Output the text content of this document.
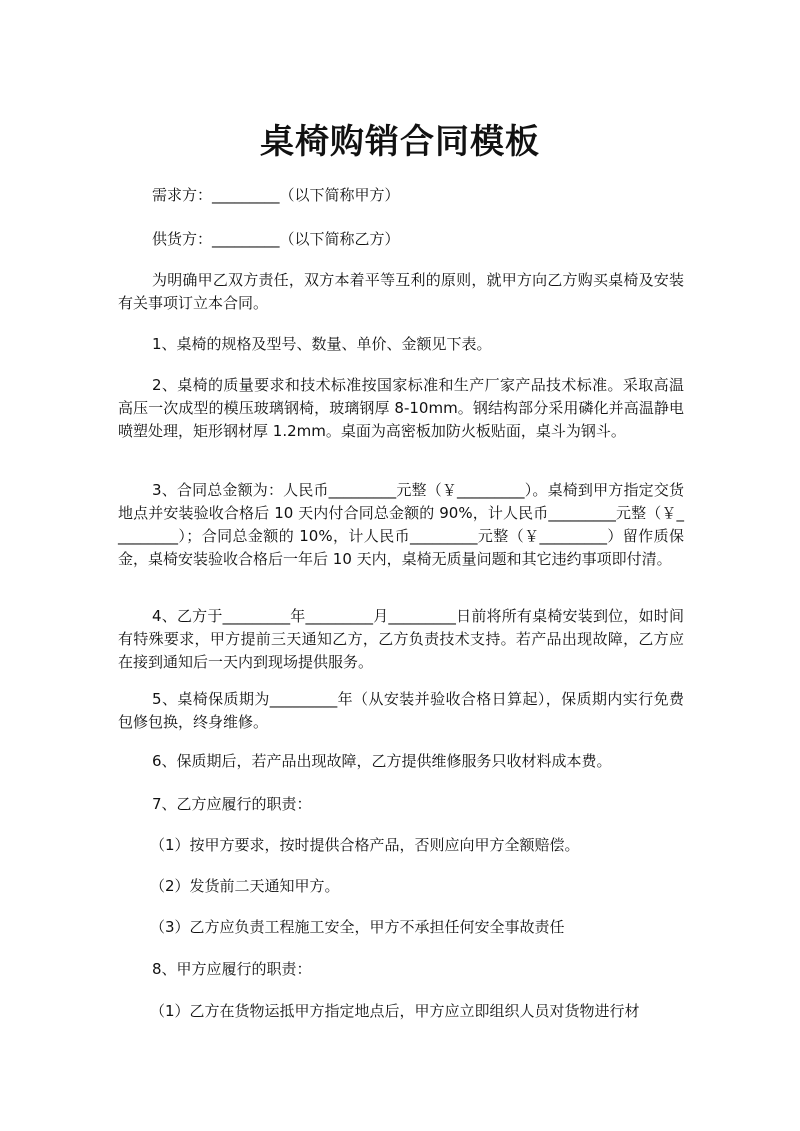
桌椅购销合同模板

需求方：_________（以下简称甲方）

供货方：_________（以下简称乙方）

为明确甲乙双方责任，双方本着平等互利的原则，就甲方向乙方购买桌椅及安装有关事项订立本合同。

1、桌椅的规格及型号、数量、单价、金额见下表。

2、桌椅的质量要求和技术标准按国家标准和生产厂家产品技术标准。采取高温高压一次成型的模压玻璃钢椅，玻璃钢厚 8-10mm。钢结构部分采用磷化并高温静电喷塑处理，矩形钢材厚 1.2mm。桌面为高密板加防火板贴面，桌斗为钢斗。

3、合同总金额为：人民币_________元整（￥_________）。桌椅到甲方指定交货地点并安装验收合格后 10 天内付合同总金额的 90%，计人民币_________元整（￥_________）；合同总金额的 10%，计人民币_________元整（￥_________）留作质保金，桌椅安装验收合格后一年后 10 天内，桌椅无质量问题和其它违约事项即付清。

4、乙方于_________年_________月_________日前将所有桌椅安装到位，如时间有特殊要求，甲方提前三天通知乙方，乙方负责技术支持。若产品出现故障，乙方应在接到通知后一天内到现场提供服务。

5、桌椅保质期为_________年（从安装并验收合格日算起），保质期内实行免费包修包换，终身维修。

6、保质期后，若产品出现故障，乙方提供维修服务只收材料成本费。

7、乙方应履行的职责：

（1）按甲方要求，按时提供合格产品，否则应向甲方全额赔偿。

（2）发货前二天通知甲方。

（3）乙方应负责工程施工安全，甲方不承担任何安全事故责任

8、甲方应履行的职责：

（1）乙方在货物运抵甲方指定地点后，甲方应立即组织人员对货物进行材
